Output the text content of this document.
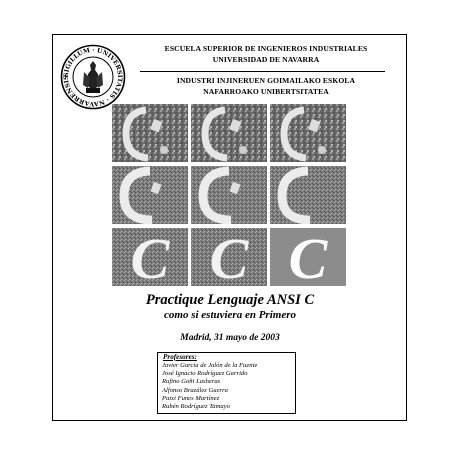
SIGILLUM · UNIVERSITATIS · NAVARRENSIS
ESCUELA SUPERIOR DE INGENIEROS INDUSTRIALES
UNIVERSIDAD DE NAVARRA
INDUSTRI INJINERUEN GOIMAILAKO ESKOLA
NAFARROAKO UNIBERTSITATEA
C C C
Practique Lenguaje ANSI C
como si estuviera en Primero
Madrid, 31 mayo de 2003
Profesores:
Javier García de Jalón de la Fuente
José Ignacio Rodríguez Garrido
Rufino Goñi Lasheras
Alfonso Brazález Guerra
Patxi Funes Martínez
Rubén Rodríguez Tamayo
